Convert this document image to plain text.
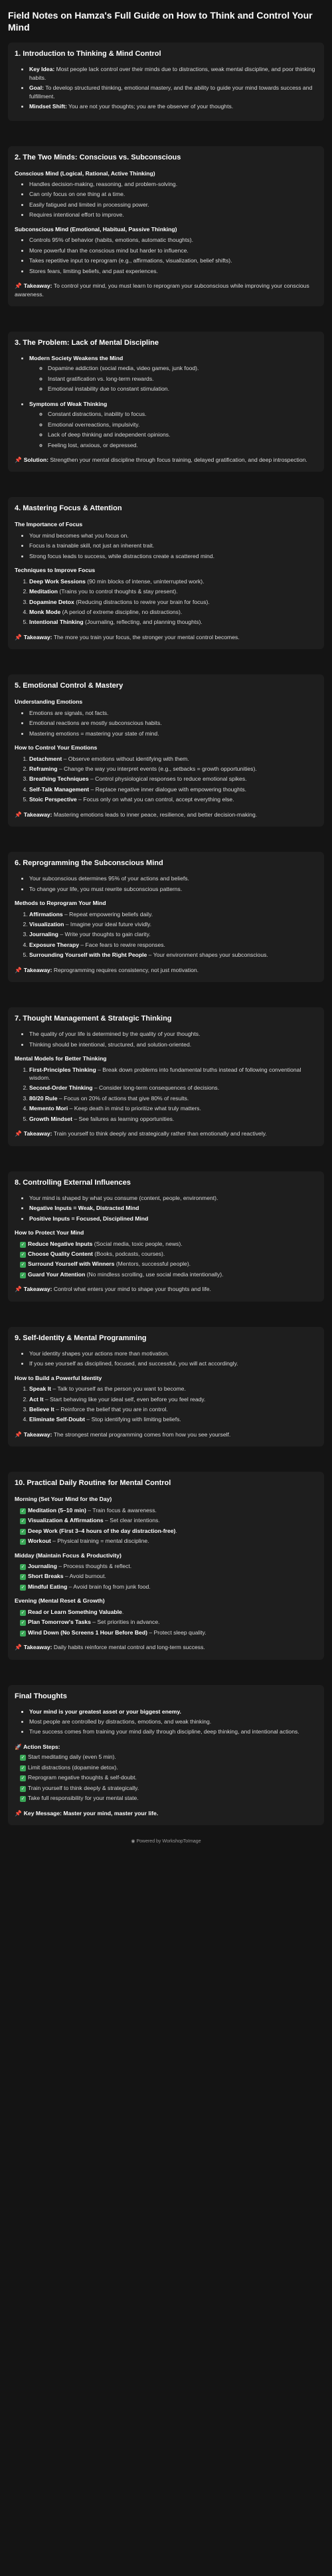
Field Notes on Hamza's Full Guide on How to Think and Control Your Mind
1. Introduction to Thinking & Mind Control
• Key Idea: Most people lack control over their minds due to distractions, weak mental discipline, and poor thinking habits.
• Goal: To develop structured thinking, emotional mastery, and the ability to guide your mind towards success and fulfillment.
• Mindset Shift: You are not your thoughts; you are the observer of your thoughts.
2. The Two Minds: Conscious vs. Subconscious
Conscious Mind (Logical, Rational, Active Thinking)
• Handles decision-making, reasoning, and problem-solving.
• Can only focus on one thing at a time.
• Easily fatigued and limited in processing power.
• Requires intentional effort to improve.
Subconscious Mind (Emotional, Habitual, Passive Thinking)
• Controls 95% of behavior (habits, emotions, automatic thoughts).
• More powerful than the conscious mind but harder to influence.
• Takes repetitive input to reprogram (e.g., affirmations, visualization, belief shifts).
• Stores fears, limiting beliefs, and past experiences.
📌 Takeaway: To control your mind, you must learn to reprogram your subconscious while improving your conscious awareness.
3. The Problem: Lack of Mental Discipline
• Modern Society Weakens the Mind
◦ Dopamine addiction (social media, video games, junk food).
◦ Instant gratification vs. long-term rewards.
◦ Emotional instability due to constant stimulation.
• Symptoms of Weak Thinking
◦ Constant distractions, inability to focus.
◦ Emotional overreactions, impulsivity.
◦ Lack of deep thinking and independent opinions.
◦ Feeling lost, anxious, or depressed.
📌 Solution: Strengthen your mental discipline through focus training, delayed gratification, and deep introspection.
4. Mastering Focus & Attention
The Importance of Focus
• Your mind becomes what you focus on.
• Focus is a trainable skill, not just an inherent trait.
• Strong focus leads to success, while distractions create a scattered mind.
Techniques to Improve Focus
1. Deep Work Sessions (90 min blocks of intense, uninterrupted work).
2. Meditation (Trains you to control thoughts & stay present).
3. Dopamine Detox (Reducing distractions to rewire your brain for focus).
4. Monk Mode (A period of extreme discipline, no distractions).
5. Intentional Thinking (Journaling, reflecting, and planning thoughts).
📌 Takeaway: The more you train your focus, the stronger your mental control becomes.
5. Emotional Control & Mastery
Understanding Emotions
• Emotions are signals, not facts.
• Emotional reactions are mostly subconscious habits.
• Mastering emotions = mastering your state of mind.
How to Control Your Emotions
1. Detachment – Observe emotions without identifying with them.
2. Reframing – Change the way you interpret events (e.g., setbacks = growth opportunities).
3. Breathing Techniques – Control physiological responses to reduce emotional spikes.
4. Self-Talk Management – Replace negative inner dialogue with empowering thoughts.
5. Stoic Perspective – Focus only on what you can control, accept everything else.
📌 Takeaway: Mastering emotions leads to inner peace, resilience, and better decision-making.
6. Reprogramming the Subconscious Mind
• Your subconscious determines 95% of your actions and beliefs.
• To change your life, you must rewrite subconscious patterns.
Methods to Reprogram Your Mind
1. Affirmations – Repeat empowering beliefs daily.
2. Visualization – Imagine your ideal future vividly.
3. Journaling – Write your thoughts to gain clarity.
4. Exposure Therapy – Face fears to rewire responses.
5. Surrounding Yourself with the Right People – Your environment shapes your subconscious.
📌 Takeaway: Reprogramming requires consistency, not just motivation.
7. Thought Management & Strategic Thinking
• The quality of your life is determined by the quality of your thoughts.
• Thinking should be intentional, structured, and solution-oriented.
Mental Models for Better Thinking
1. First-Principles Thinking – Break down problems into fundamental truths instead of following conventional wisdom.
2. Second-Order Thinking – Consider long-term consequences of decisions.
3. 80/20 Rule – Focus on 20% of actions that give 80% of results.
4. Memento Mori – Keep death in mind to prioritize what truly matters.
5. Growth Mindset – See failures as learning opportunities.
📌 Takeaway: Train yourself to think deeply and strategically rather than emotionally and reactively.
8. Controlling External Influences
• Your mind is shaped by what you consume (content, people, environment).
• Negative Inputs = Weak, Distracted Mind
• Positive Inputs = Focused, Disciplined Mind
How to Protect Your Mind
✓ Reduce Negative Inputs (Social media, toxic people, news).
✓ Choose Quality Content (Books, podcasts, courses).
✓ Surround Yourself with Winners (Mentors, successful people).
✓ Guard Your Attention (No mindless scrolling, use social media intentionally).
📌 Takeaway: Control what enters your mind to shape your thoughts and life.
9. Self-Identity & Mental Programming
• Your identity shapes your actions more than motivation.
• If you see yourself as disciplined, focused, and successful, you will act accordingly.
How to Build a Powerful Identity
1. Speak It – Talk to yourself as the person you want to become.
2. Act It – Start behaving like your ideal self, even before you feel ready.
3. Believe It – Reinforce the belief that you are in control.
4. Eliminate Self-Doubt – Stop identifying with limiting beliefs.
📌 Takeaway: The strongest mental programming comes from how you see yourself.
10. Practical Daily Routine for Mental Control
Morning (Set Your Mind for the Day)
✓ Meditation (5–10 min) – Train focus & awareness.
✓ Visualization & Affirmations – Set clear intentions.
✓ Deep Work (First 3–4 hours of the day distraction-free).
✓ Workout – Physical training = mental discipline.
Midday (Maintain Focus & Productivity)
✓ Journaling – Process thoughts & reflect.
✓ Short Breaks – Avoid burnout.
✓ Mindful Eating – Avoid brain fog from junk food.
Evening (Mental Reset & Growth)
✓ Read or Learn Something Valuable.
✓ Plan Tomorrow's Tasks – Set priorities in advance.
✓ Wind Down (No Screens 1 Hour Before Bed) – Protect sleep quality.
📌 Takeaway: Daily habits reinforce mental control and long-term success.
Final Thoughts
• Your mind is your greatest asset or your biggest enemy.
• Most people are controlled by distractions, emotions, and weak thinking.
• True success comes from training your mind daily through discipline, deep thinking, and intentional actions.
🚀 Action Steps:
✓ Start meditating daily (even 5 min).
✓ Limit distractions (dopamine detox).
✓ Reprogram negative thoughts & self-doubt.
✓ Train yourself to think deeply & strategically.
✓ Take full responsibility for your mental state.
📌 Key Message: Master your mind, master your life.
◉ Powered by WorkshopToImage
